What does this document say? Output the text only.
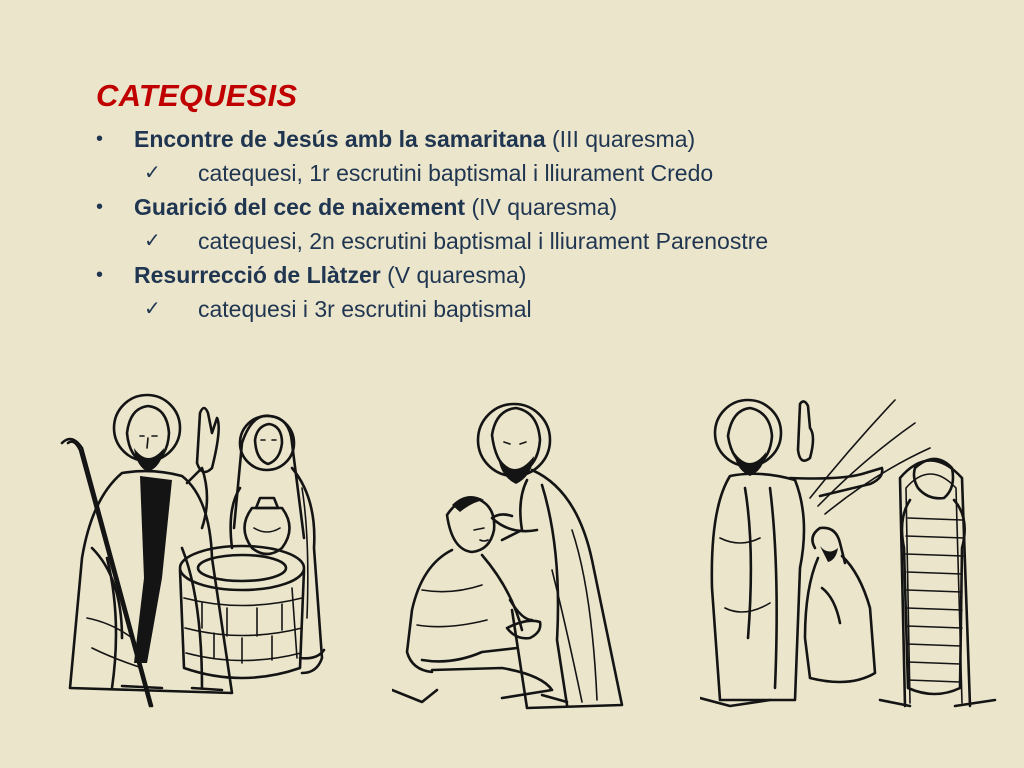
CATEQUESIS
•	Encontre de Jesús amb la samaritana (III quaresma)
✓ catequesi, 1r escrutini baptismal i lliurament Credo
•	Guarició del cec de naixement (IV quaresma)
✓ catequesi, 2n escrutini baptismal i lliurament Parenostre
•	Resurrecció de Llàtzer (V quaresma)
✓ catequesi i 3r escrutini baptismal
